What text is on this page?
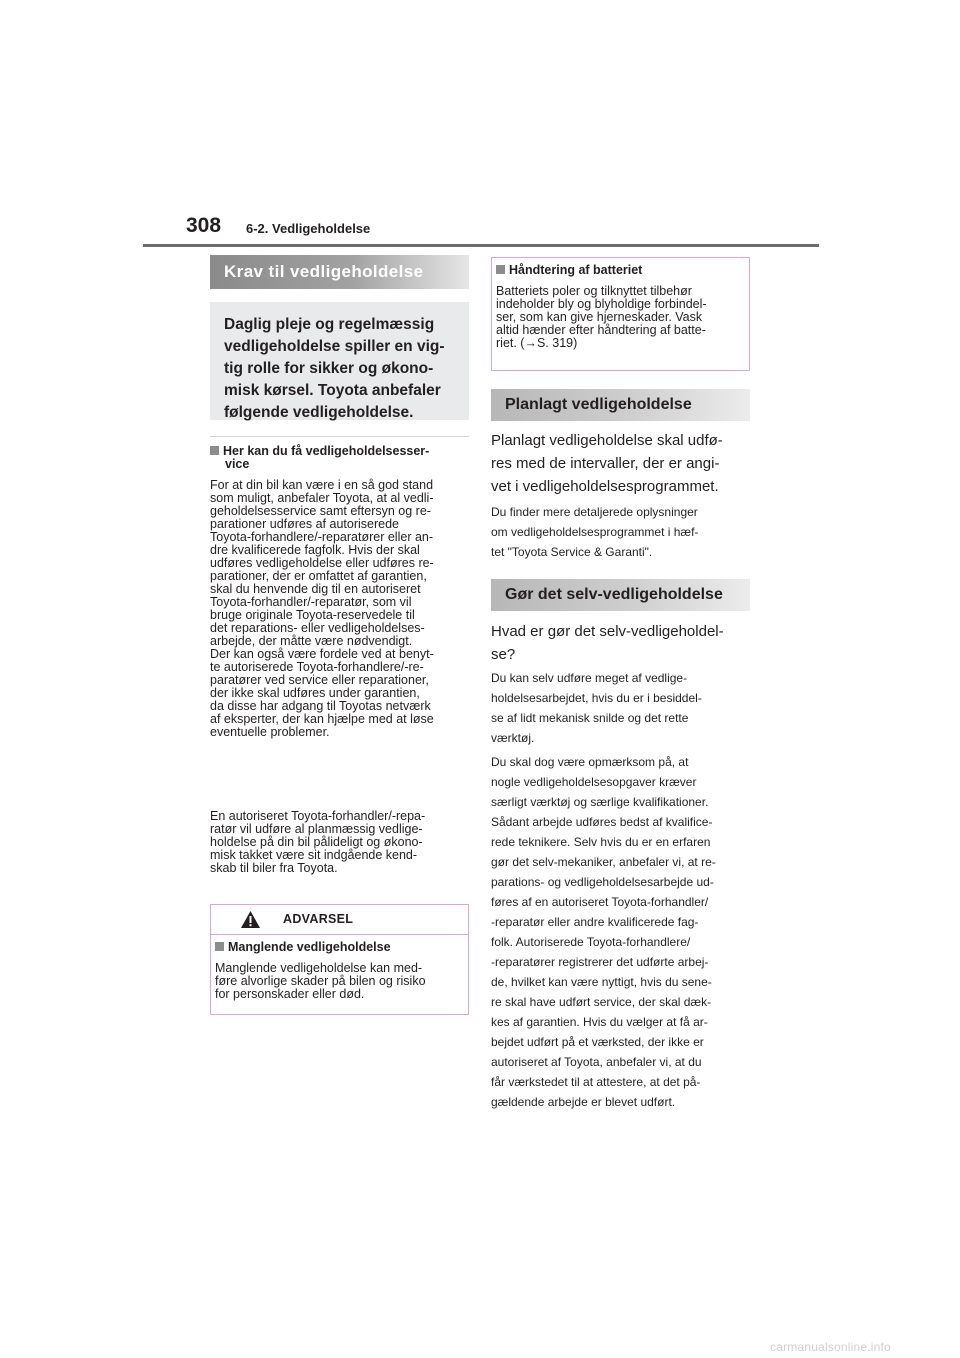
308 6-2. Vedligeholdelse
Krav til vedligeholdelse
Daglig pleje og regelmæssig
vedligeholdelse spiller en vig-
tig rolle for sikker og økono-
misk kørsel. Toyota anbefaler
følgende vedligeholdelse.
Her kan du få vedligeholdelsesser-
vice
For at din bil kan være i en så god stand
som muligt, anbefaler Toyota, at al vedli-
geholdelsesservice samt eftersyn og re-
parationer udføres af autoriserede
Toyota-forhandlere/-reparatører eller an-
dre kvalificerede fagfolk. Hvis der skal
udføres vedligeholdelse eller udføres re-
parationer, der er omfattet af garantien,
skal du henvende dig til en autoriseret
Toyota-forhandler/-reparatør, som vil
bruge originale Toyota-reservedele til
det reparations- eller vedligeholdelses-
arbejde, der måtte være nødvendigt.
Der kan også være fordele ved at benyt-
te autoriserede Toyota-forhandlere/-re-
paratører ved service eller reparationer,
der ikke skal udføres under garantien,
da disse har adgang til Toyotas netværk
af eksperter, der kan hjælpe med at løse
eventuelle problemer.
En autoriseret Toyota-forhandler/-repa-
ratør vil udføre al planmæssig vedlige-
holdelse på din bil pålideligt og økono-
misk takket være sit indgående kend-
skab til biler fra Toyota.
ADVARSEL
Manglende vedligeholdelse
Manglende vedligeholdelse kan med-
føre alvorlige skader på bilen og risiko
for personskader eller død.
Håndtering af batteriet
Batteriets poler og tilknyttet tilbehør
indeholder bly og blyholdige forbindel-
ser, som kan give hjerneskader. Vask
altid hænder efter håndtering af batte-
riet. (→S. 319)
Planlagt vedligeholdelse
Planlagt vedligeholdelse skal udfø-
res med de intervaller, der er angi-
vet i vedligeholdelsesprogrammet.
Du finder mere detaljerede oplysninger
om vedligeholdelsesprogrammet i hæf-
tet "Toyota Service & Garanti".
Gør det selv-vedligeholdelse
Hvad er gør det selv-vedligeholdel-
se?
Du kan selv udføre meget af vedlige-
holdelsesarbejdet, hvis du er i besiddel-
se af lidt mekanisk snilde og det rette
værktøj.
Du skal dog være opmærksom på, at
nogle vedligeholdelsesopgaver kræver
særligt værktøj og særlige kvalifikationer.
Sådant arbejde udføres bedst af kvalifice-
rede teknikere. Selv hvis du er en erfaren
gør det selv-mekaniker, anbefaler vi, at re-
parations- og vedligeholdelsesarbejde ud-
føres af en autoriseret Toyota-forhandler/
-reparatør eller andre kvalificerede fag-
folk. Autoriserede Toyota-forhandlere/
-reparatører registrerer det udførte arbej-
de, hvilket kan være nyttigt, hvis du sene-
re skal have udført service, der skal dæk-
kes af garantien. Hvis du vælger at få ar-
bejdet udført på et værksted, der ikke er
autoriseret af Toyota, anbefaler vi, at du
får værkstedet til at attestere, at det på-
gældende arbejde er blevet udført.
carmanualsonline.info
